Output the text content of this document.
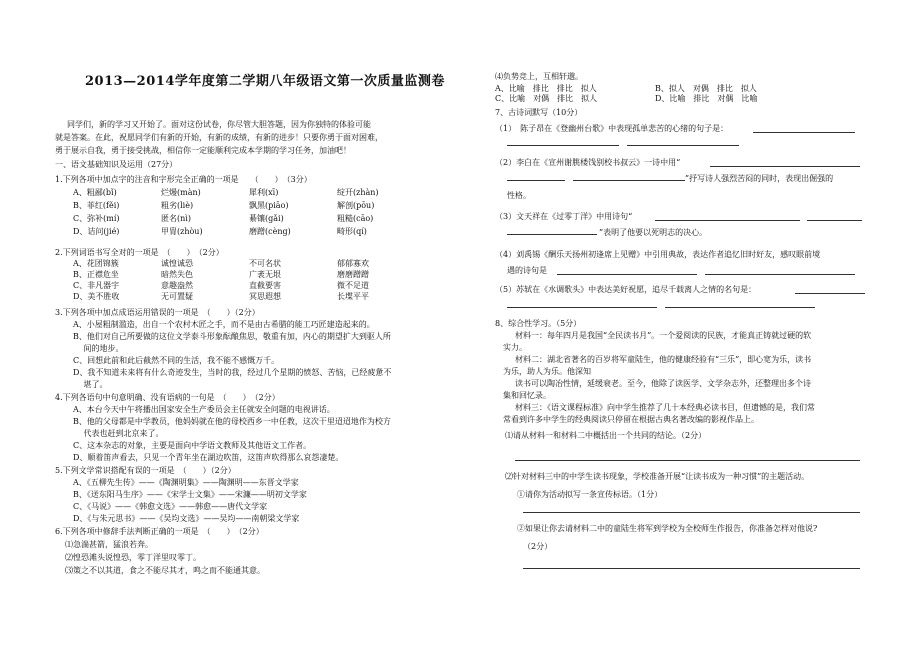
2013—2014学年度第二学期八年级语文第一次质量监测卷
同学们，新的学习又开始了。面对这份试卷，你尽管大胆答题，因为你独特的体验可能
就是答案。在此，祝愿同学们有新的开始，有新的成绩，有新的进步！只要你勇于面对困难，
勇于展示自我，勇于接受挑战，相信你一定能顺利完成本学期的学习任务，加油吧！
一、语文基础知识及运用（27分）
1.下列各项中加点字的注音和字形完全正确的一项是　　（　　）　（3分）
A、粗鄙(bǐ)	烂熳(màn)	犀利(xī)	绽开(zhàn)
B、菲红(fěi)	粗劣(liè)	飘黑(piāo)	解剖(pōu)
C、弥补(mí)	匿名(nì)	綦镶(gǎi)	粗糙(cāo)
D、诘问(jié)	甲胄(zhòu)	磨蹭(cèng)	畸形(qí)
2.下列词语书写全对的一项是　（　　）　（2分）
A、花团锦簇	诚惶诚恐	不可名状	郁郁寡欢
B、正襟危坐	暗然失色	广袤无垠	磨磨蹭蹭
C、非凡器宇	意趣盎然	直截要害	微不足道
D、美不胜收	无可置疑	冥思遐想	长堞平平
3.下列各项中加点成语运用错误的一项是　（　　）（2分）
A、小屋粗制滥造，出自一个农村木匠之手，而不是由古希腊的能工巧匠建造起来的。
B、他们对自己所要做的这位文学泰斗形象酝酿焦思，敬重有加，内心的期望扩大到驱人所
　 间的地步。
C、回想此前和此后截然不同的生活，我不能不感慨万千。
D、我不知道未来将有什么奇迹发生，当时的我，经过几个星期的愤怒、苦恼，已经疲惫不
　 堪了。
4.下列各语句中句意明确、没有语病的一句是　（　　）　（2分）
A、本台今天中午将播出国家安全生产委员会主任就安全问题的电视讲话。
B、他的父母都是中学教员，他妈妈就在他的母校西乡一中任教，这次干里迢迢地作为校方
　 代表也赶到北京来了。
C、这本杂志的对象，主要是面向中学语文教师及其他语文工作者。
D、顺着笛声看去，只见一个青年坐在湖边吹笛，这笛声吹得那么哀怨凄楚。
5.下列文学常识搭配有误的一项是　（　　）（2分）
A、《五柳先生传》——《陶渊明集》——陶渊明——东晋文学家
B、《送东阳马生序》——《宋学士文集》——宋濂——明初文学家
C、《马说》——《韩愈文选》——韩愈——唐代文学家
D、《与朱元思书》——《吴均文选》——吴均——南朝梁文学家
6.下列各项中修辞手法判断正确的一项是　（　　）　（2分）
⑴急湍甚箭，猛浪若奔。
⑵惶恐滩头说惶恐，零丁洋里叹零丁。
⑶策之不以其道，食之不能尽其才，鸣之而不能通其意。
⑷负势竞上，互相轩邈。
A、比喻　排比　排比　拟人	B、拟人　对偶　排比　拟人
C、比喻　对偶　排比　拟人	D、比喻　排比　对偶　比喻
7、古诗词默写（10分）
（1）　陈子昂在《登幽州台歌》中表现孤单悲苦的心绪的句子是：
（2）李白在《宣州谢朓楼饯别校书叔云》一诗中用“
”抒写诗人强烈苦闷的同时，表现出倔强的
性格。
（3）文天祥在《过零丁洋》中用诗句“
”表明了他要以死明志的决心。
（4）刘禹锡《酬乐天扬州初逢席上见赠》中引用典故，表达作者追忆旧时好友，感叹眼前境
遇的诗句是
（5）苏轼在《水调歌头》中表达美好祝愿，追尽千载离人之情的名句是：
8、综合性学习。（5分）
材料一：每年四月是我国“全民读书月”。一个爱阅读的民族，才能真正铸就过硬的软
实力。
材料二：湖北省著名的百岁将军童陆生，他的健康经验有“三乐”，即心宽为乐，读书
为乐，助人为乐。他深知
读书可以陶冶性情，延缓衰老。至今，他除了读医学、文学杂志外，还整理出多个诗
集和回忆录。
材料三：《语文课程标准》向中学生推荐了几十本经典必读书目，但遗憾的是，我们常
常看到许多中学生的经典阅读只停留在根据古典名著改编的影视作品上。
⑴请从材料一和材料二中概括出一个共同的结论。（2分）
⑵针对材料三中的中学生读书现象，学校准备开展“让读书成为一种习惯”的主题活动。
①请你为活动拟写一条宣传标语。（1分）
②如果让你去请材料二中的童陆生将军到学校为全校师生作报告，你准备怎样对他说?
（2分）
